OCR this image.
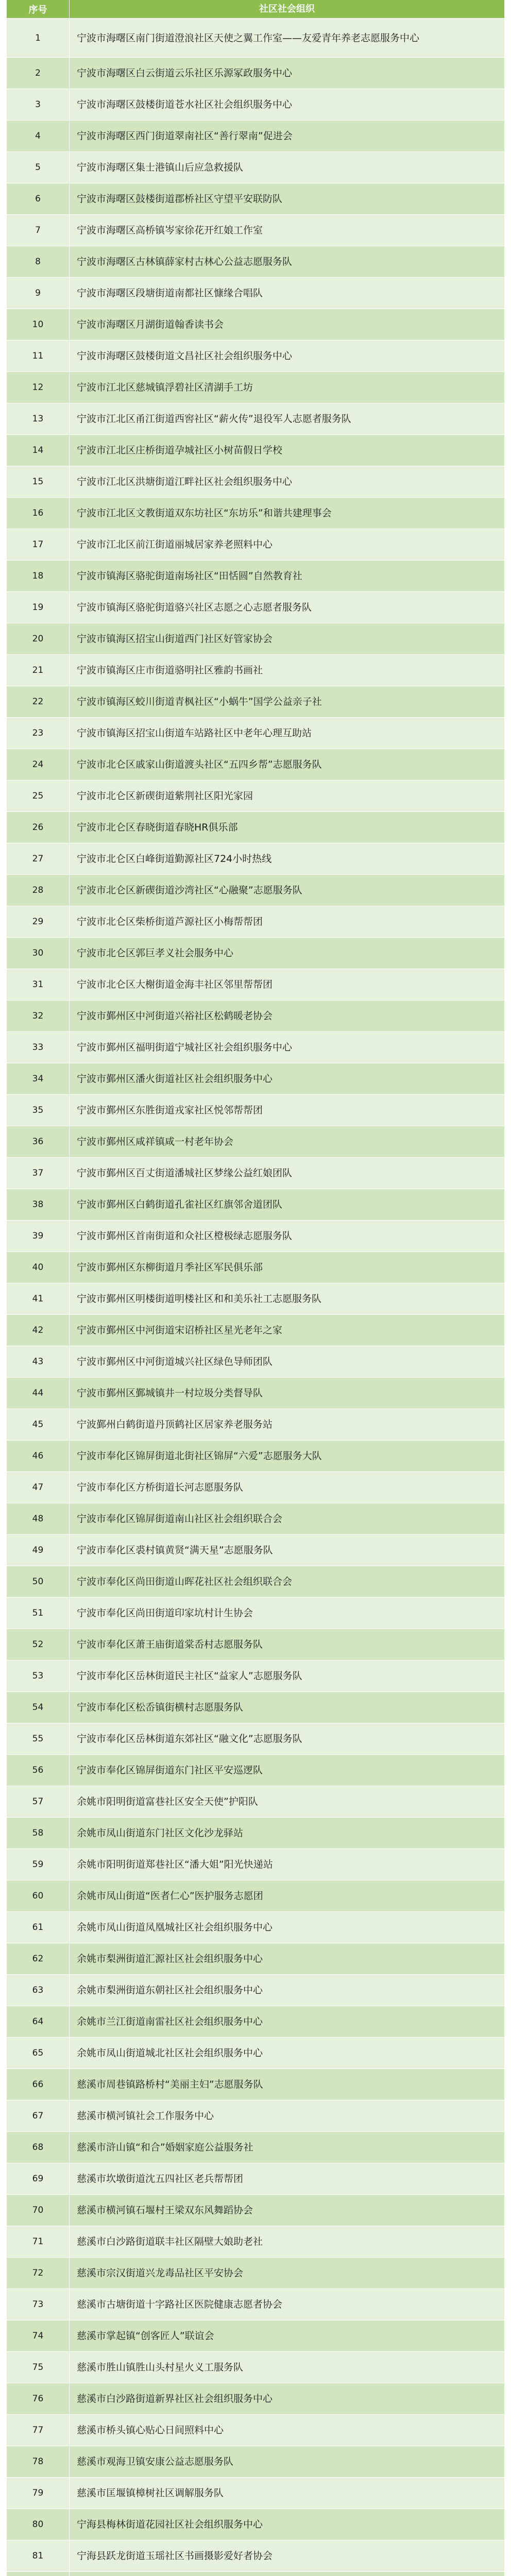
序号	社区社会组织
1	宁波市海曙区南门街道澄浪社区天使之翼工作室——友爱青年养老志愿服务中心
2	宁波市海曙区白云街道云乐社区乐源冢政服务中心
3	宁波市海曙区鼓楼街道苍水社区社会组织服务中心
4	宁波市海曙区西门街道翠南社区“善行翠南”促进会
5	宁波市海曙区集士港镇山后应急救援队
6	宁波市海曙区鼓楼街道郡桥社区守望平安联防队
7	宁波市海曙区高桥镇岑家徐花开红娘工作室
8	宁波市海曙区古林镇薛家村古林心公益志愿服务队
9	宁波市海曙区段塘街道南都社区慷缘合唱队
10	宁波市海曙区月湖街道翰香读书会
11	宁波市海曙区鼓楼街道文昌社区社会组织服务中心
12	宁波市江北区慈城镇浮碧社区清湖手工坊
13	宁波市江北区甬江街道西窖社区“薪火传”退役军人志愿者服务队
14	宁波市江北区庄桥街道孕城社区小树苗假日学校
15	宁波市江北区洪塘街道江畔社区社会组织服务中心
16	宁波市江北区文教街道双东坊社区“东坊乐”和谐共建理事会
17	宁波市江北区前江街道丽城居家养老照料中心
18	宁波市镇海区骆驼街道南场社区“田恬圆”自然教育社
19	宁波市镇海区骆驼街道骆兴社区志愿之心志愿者服务队
20	宁波市镇海区招宝山街道西门社区好管家协会
21	宁波市镇海区庄市街道骆明社区雅韵书画社
22	宁波市镇海区蛟川街道青枫社区“小蜗牛”国学公益亲子社
23	宁波市镇海区招宝山街道车站路社区中老年心理互助站
24	宁波市北仑区戚家山街道渡头社区“五四乡帮”志愿服务队
25	宁波市北仑区新碶街道紫荆社区阳光家园
26	宁波市北仑区春晓街道春晓HR俱乐部
27	宁波市北仑区白峰街道勤源社区724小时热线
28	宁波市北仑区新碶街道沙湾社区“心融聚”志愿服务队
29	宁波市北仑区柴桥街道芦源社区小梅帮帮团
30	宁波市北仑区郭巨孝义社会服务中心
31	宁波市北仑区大榭街道金海丰社区邻里帮帮团
32	宁波市鄞州区中河街道兴裕社区松鹤暖老协会
33	宁波市鄞州区福明街道宁城社区社会组织服务中心
34	宁波市鄞州区潘火街道社区社会组织服务中心
35	宁波市鄞州区东胜街道戎家社区悦邻帮帮团
36	宁波市鄞州区咸祥镇咸一村老年协会
37	宁波市鄞州区百丈街道潘城社区梦缘公益红娘团队
38	宁波市鄞州区白鹤街道孔雀社区红旗邻舍道团队
39	宁波市鄞州区首南街道和众社区橙极绿志愿服务队
40	宁波市鄞州区东柳街道月季社区军民俱乐部
41	宁波市鄞州区明楼街道明楼社区和和美乐社工志愿服务队
42	宁波市鄞州区中河街道宋诏桥社区星光老年之家
43	宁波市鄞州区中河街道城兴社区绿色导师团队
44	宁波市鄞州区鄞城镇井一村垃圾分类督导队
45	宁波鄞州白鹤街道丹顶鹤社区居家养老服务站
46	宁波市奉化区锦屏街道北街社区锦屏“六爱”志愿服务大队
47	宁波市奉化区方桥街道长河志愿服务队
48	宁波市奉化区锦屏街道南山社区社会组织联合会
49	宁波市奉化区裘村镇黄贤“满天星”志愿服务队
50	宁波市奉化区尚田街道山晖花社区社会组织联合会
51	宁波市奉化区尚田街道印家坑村计生协会
52	宁波市奉化区萧王庙街道棠岙村志愿服务队
53	宁波市奉化区岳林街道民主社区“益家人”志愿服务队
54	宁波市奉化区松岙镇街横村志愿服务队
55	宁波市奉化区岳林街道东郊社区“融文化”志愿服务队
56	宁波市奉化区锦屏街道东门社区平安巡逻队
57	余姚市阳明街道富巷社区安全天使”护阳队
58	余姚市凤山街道东门社区文化沙龙驿站
59	余姚市阳明街道郑巷社区“潘大姐”阳光快递站
60	余姚市凤山街道“医者仁心”医护服务志愿团
61	余姚市凤山街道凤凰城社区社会组织服务中心
62	余姚市梨洲街道汇源社区社会组织服务中心
63	余姚市梨洲街道东朝社区社会组织服务中心
64	余姚市兰江街道南雷社区社会组织服务中心
65	余姚市凤山街道城北社区社会组织服务中心
66	慈溪市周巷镇路桥村“美丽主妇”志愿服务队
67	慈溪市横河镇社会工作服务中心
68	慈溪市浒山镇“和合”婚姻家庭公益服务社
69	慈溪市坎墩街道沈五四社区老兵帮帮团
70	慈溪市横河镇石堰村王梁双东风舞蹈协会
71	慈溪市白沙路街道联丰社区隔壁大娘助老社
72	慈溪市宗汉街道兴龙毒品社区平安协会
73	慈溪市古塘街道十字路社区医院健康志愿者协会
74	慈溪市掌起镇“创客匠人”联谊会
75	慈溪市胜山镇胜山头村星火义工服务队
76	慈溪市白沙路街道新界社区社会组织服务中心
77	慈溪市桥头镇心贴心日间照料中心
78	慈溪市观海卫镇安康公益志愿服务队
79	慈溪市匡堰镇樟树社区调解服务队
80	宁海县梅林街道花园社区社会组织服务中心
81	宁海县跃龙街道玉瑶社区书画摄影爱好者协会
